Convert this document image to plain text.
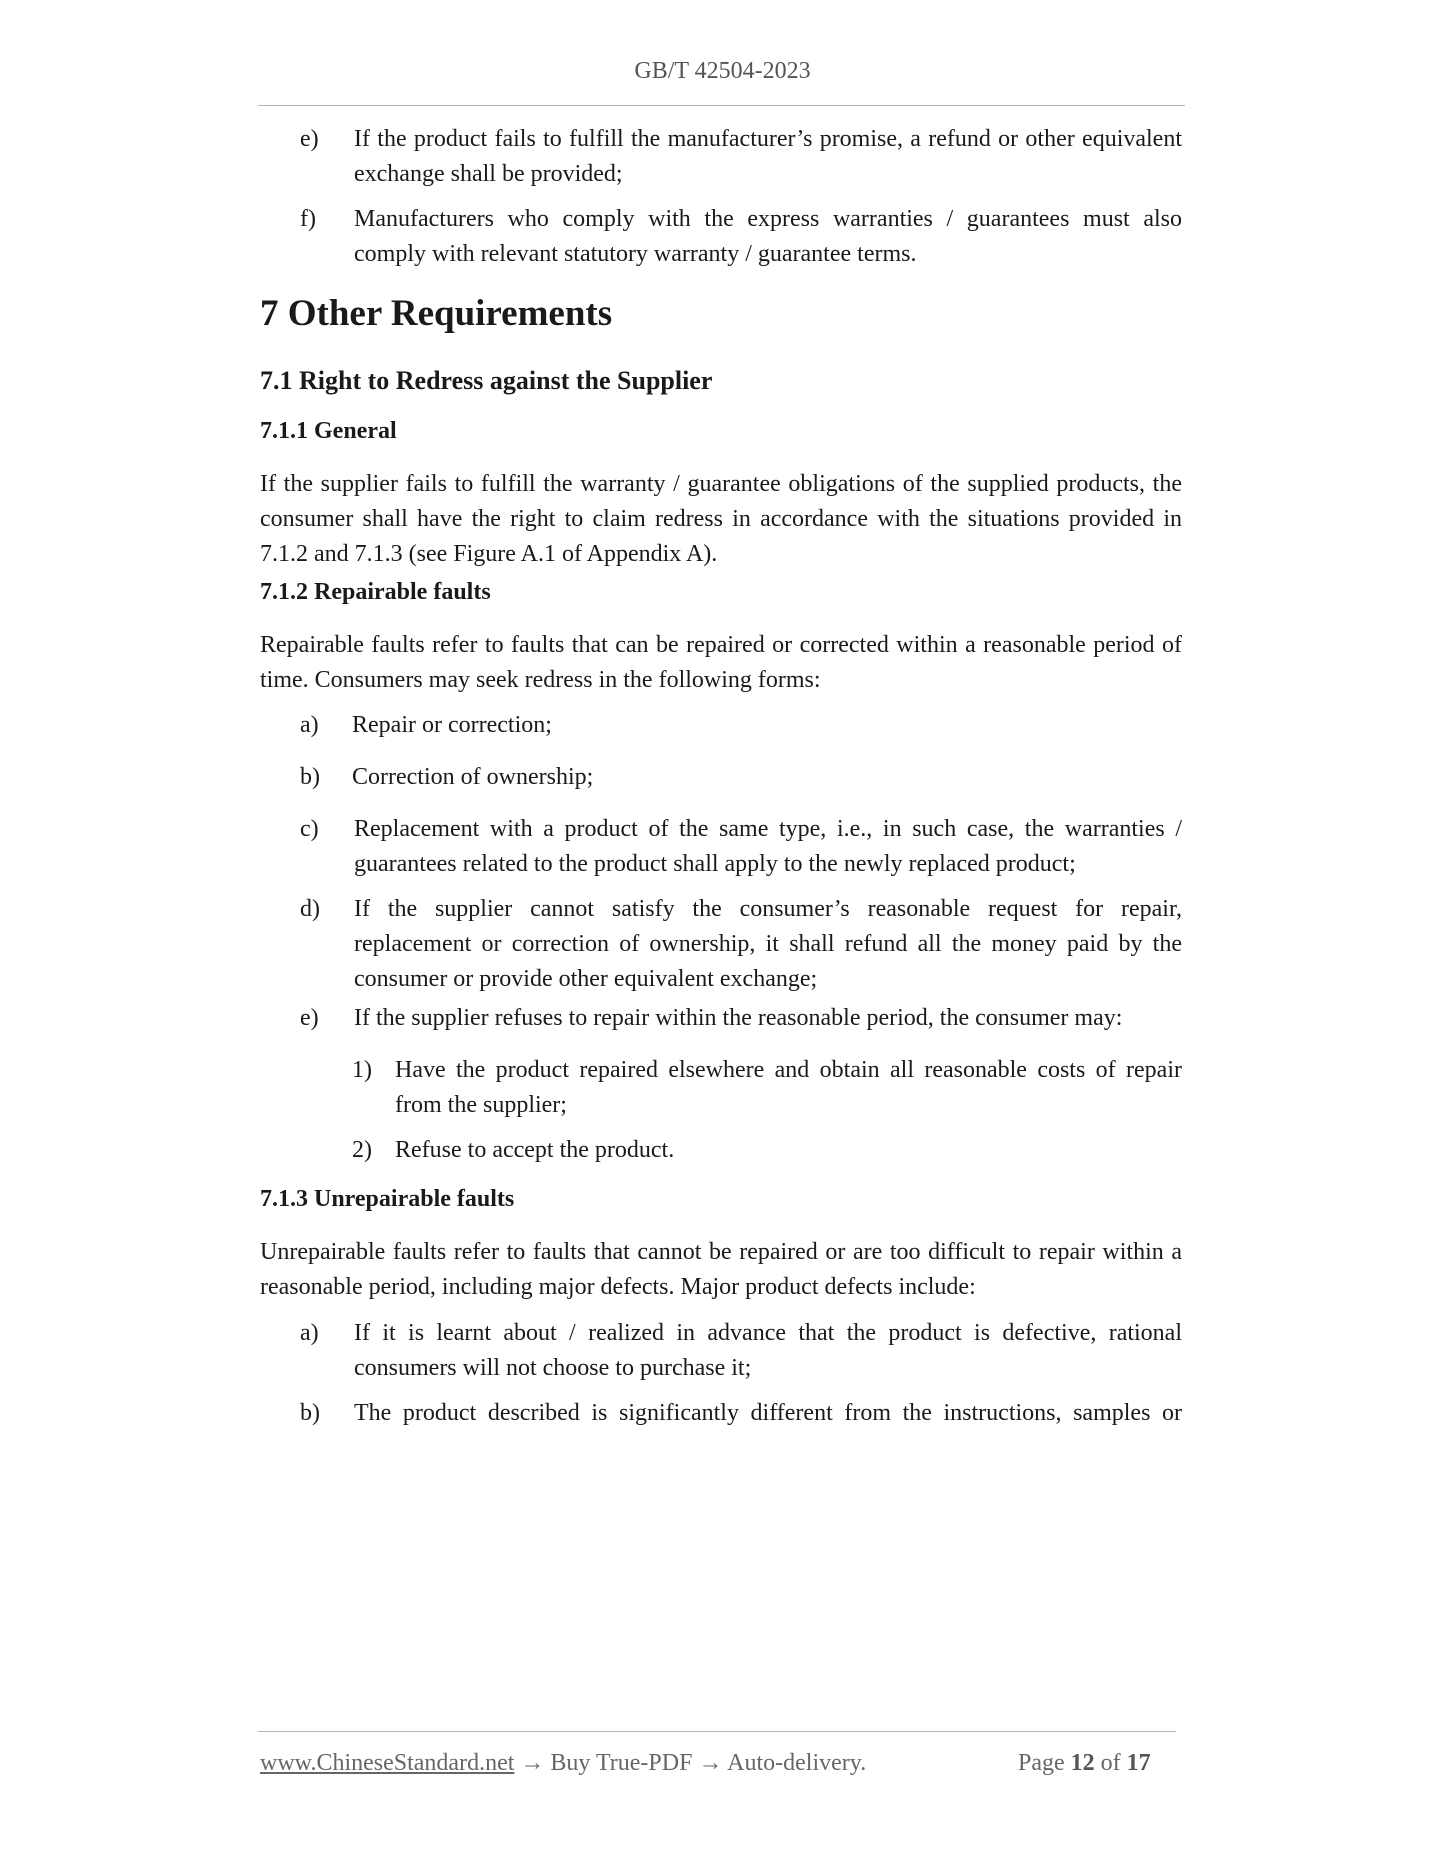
GB/T 42504-2023
e) If the product fails to fulfill the manufacturer’s promise, a refund or other equivalent exchange shall be provided;
f) Manufacturers who comply with the express warranties / guarantees must also comply with relevant statutory warranty / guarantee terms.
7 Other Requirements
7.1 Right to Redress against the Supplier
7.1.1 General
If the supplier fails to fulfill the warranty / guarantee obligations of the supplied products, the consumer shall have the right to claim redress in accordance with the situations provided in 7.1.2 and 7.1.3 (see Figure A.1 of Appendix A).
7.1.2 Repairable faults
Repairable faults refer to faults that can be repaired or corrected within a reasonable period of time. Consumers may seek redress in the following forms:
a) Repair or correction;
b) Correction of ownership;
c) Replacement with a product of the same type, i.e., in such case, the warranties / guarantees related to the product shall apply to the newly replaced product;
d) If the supplier cannot satisfy the consumer’s reasonable request for repair, replacement or correction of ownership, it shall refund all the money paid by the consumer or provide other equivalent exchange;
e) If the supplier refuses to repair within the reasonable period, the consumer may:
1) Have the product repaired elsewhere and obtain all reasonable costs of repair from the supplier;
2) Refuse to accept the product.
7.1.3 Unrepairable faults
Unrepairable faults refer to faults that cannot be repaired or are too difficult to repair within a reasonable period, including major defects. Major product defects include:
a) If it is learnt about / realized in advance that the product is defective, rational consumers will not choose to purchase it;
b) The product described is significantly different from the instructions, samples or
www.ChineseStandard.net → Buy True-PDF → Auto-delivery.	Page 12 of 17
